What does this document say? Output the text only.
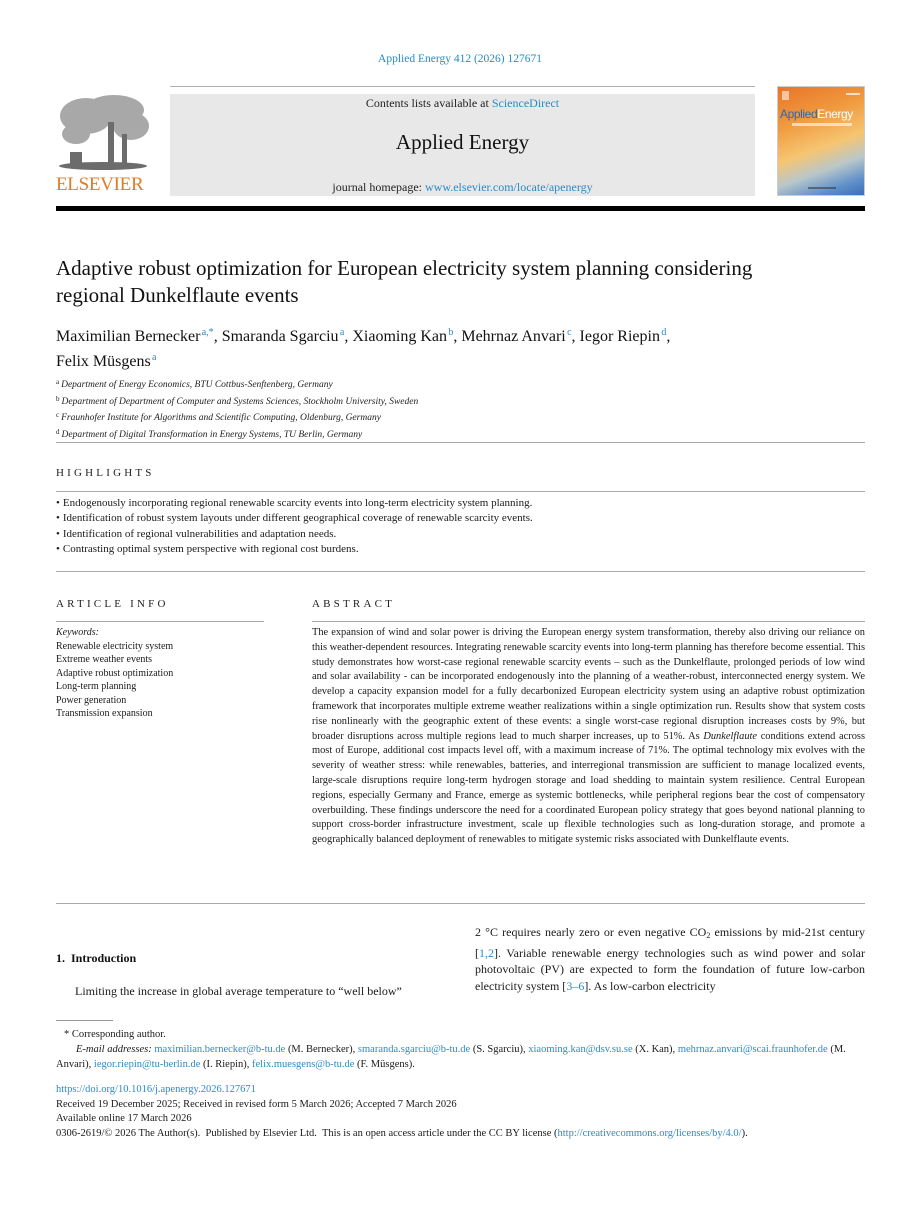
Applied Energy 412 (2026) 127671
ELSEVIER
Contents lists available at ScienceDirect
Applied Energy
journal homepage: www.elsevier.com/locate/apenergy
AppliedEnergy
Adaptive robust optimization for European electricity system planning considering regional Dunkelflaute events
Maximilian Bernecker $^{a,*}$, Smaranda Sgarciu $^a$, Xiaoming Kan $^b$, Mehrnaz Anvari $^c$, Iegor Riepin $^d$,
Felix Müsgens $^a$
$^a$ Department of Energy Economics, BTU Cottbus-Senftenberg, Germany
$^b$ Department of Department of Computer and Systems Sciences, Stockholm University, Sweden
$^c$ Fraunhofer Institute for Algorithms and Scientific Computing, Oldenburg, Germany
$^d$ Department of Digital Transformation in Energy Systems, TU Berlin, Germany
HIGHLIGHTS
• Endogenously incorporating regional renewable scarcity events into long-term electricity system planning.
• Identification of robust system layouts under different geographical coverage of renewable scarcity events.
• Identification of regional vulnerabilities and adaptation needs.
• Contrasting optimal system perspective with regional cost burdens.
ARTICLE INFO
Keywords:
Renewable electricity system
Extreme weather events
Adaptive robust optimization
Long-term planning
Power generation
Transmission expansion
ABSTRACT
The expansion of wind and solar power is driving the European energy system transformation, thereby also driving our reliance on this weather-dependent resources. Integrating renewable scarcity events into long-term planning has therefore become essential. This study demonstrates how worst-case regional renewable scarcity events – such as the Dunkelflaute, prolonged periods of low wind and solar availability - can be incorporated endogenously into the planning of a weather-robust, interconnected energy system. We develop a capacity expansion model for a fully decarbonized European electricity system using an adaptive robust optimization framework that incorporates multiple extreme weather realizations within a single optimization run. Results show that system costs rise nonlinearly with the geographic extent of these events: a single worst-case regional disruption increases costs by 9%, but broader disruptions across multiple regions lead to much sharper increases, up to 51%. As Dunkelflaute conditions extend across most of Europe, additional cost impacts level off, with a maximum increase of 71%. The optimal technology mix evolves with the severity of weather stress: while renewables, batteries, and interregional transmission are sufficient to manage localized events, large-scale disruptions require long-term hydrogen storage and load shedding to maintain system resilience. Central European regions, especially Germany and France, emerge as systemic bottlenecks, while peripheral regions bear the cost of compensatory overbuilding. These findings underscore the need for a coordinated European policy strategy that goes beyond national planning to support cross-border infrastructure investment, scale up flexible technologies such as long-duration storage, and promote a geographically balanced deployment of renewables to mitigate systemic risks associated with Dunkelflaute events.
1.  Introduction
Limiting the increase in global average temperature to “well below”
2 °C requires nearly zero or even negative $CO_2$ emissions by mid-21st century [1,2]. Variable renewable energy technologies such as wind power and solar photovoltaic (PV) are expected to form the foundation of future low-carbon electricity system [3–6]. As low-carbon electricity
* Corresponding author.
E-mail addresses: maximilian.bernecker@b-tu.de (M. Bernecker), smaranda.sgarciu@b-tu.de (S. Sgarciu), xiaoming.kan@dsv.su.se (X. Kan), mehrnaz.anvari@scai.fraunhofer.de (M. Anvari), iegor.riepin@tu-berlin.de (I. Riepin), felix.muesgens@b-tu.de (F. Müsgens).
https://doi.org/10.1016/j.apenergy.2026.127671
Received 19 December 2025; Received in revised form 5 March 2026; Accepted 7 March 2026
Available online 17 March 2026
0306-2619/© 2026 The Author(s).  Published by Elsevier Ltd.  This is an open access article under the CC BY license (http://creativecommons.org/licenses/by/4.0/).
